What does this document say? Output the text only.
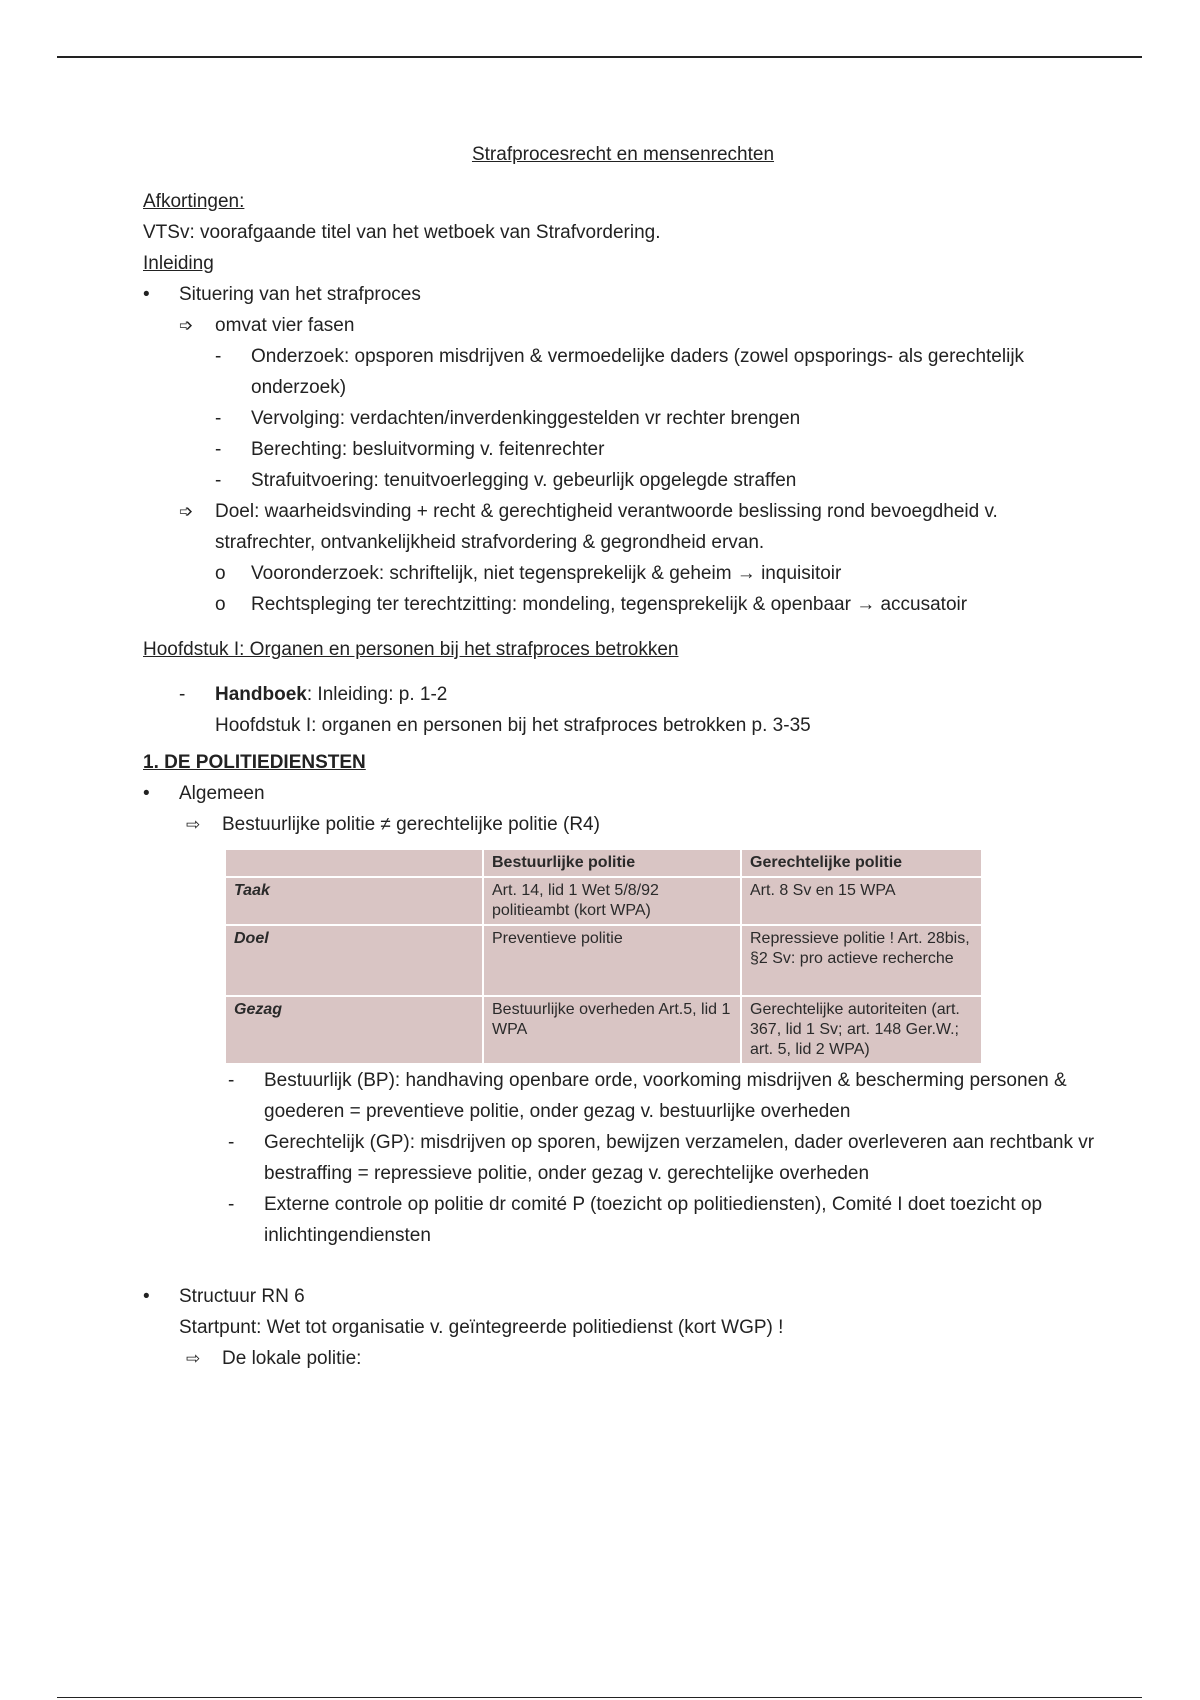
Strafprocesrecht en mensenrechten
Afkortingen:
VTSv: voorafgaande titel van het wetboek van Strafvordering.
Inleiding
• Situering van het strafproces
➩ omvat vier fasen
- Onderzoek: opsporen misdrijven & vermoedelijke daders (zowel opsporings- als gerechtelijk onderzoek)
- Vervolging: verdachten/inverdenkinggestelden vr rechter brengen
- Berechting: besluitvorming v. feitenrechter
- Strafuitvoering: tenuitvoerlegging v. gebeurlijk opgelegde straffen
➩ Doel: waarheidsvinding + recht & gerechtigheid verantwoorde beslissing rond bevoegdheid v. strafrechter, ontvankelijkheid strafvordering & gegrondheid ervan.
o Vooronderzoek: schriftelijk, niet tegensprekelijk & geheim → inquisitoir
o Rechtspleging ter terechtzitting: mondeling, tegensprekelijk & openbaar → accusatoir
Hoofdstuk I: Organen en personen bij het strafproces betrokken
- Handboek: Inleiding: p. 1-2
Hoofdstuk I: organen en personen bij het strafproces betrokken p. 3-35
1. DE POLITIEDIENSTEN
• Algemeen
⇨ Bestuurlijke politie ≠ gerechtelijke politie (R4)
	Bestuurlijke politie	Gerechtelijke politie
Taak	Art. 14, lid 1 Wet 5/8/92 politieambt (kort WPA)	Art. 8 Sv en 15 WPA
Doel	Preventieve politie	Repressieve politie ! Art. 28bis, §2 Sv: pro actieve recherche
Gezag	Bestuurlijke overheden Art.5, lid 1 WPA	Gerechtelijke autoriteiten (art. 367, lid 1 Sv; art. 148 Ger.W.; art. 5, lid 2 WPA)
- Bestuurlijk (BP): handhaving openbare orde, voorkoming misdrijven & bescherming personen & goederen = preventieve politie, onder gezag v. bestuurlijke overheden
- Gerechtelijk (GP): misdrijven op sporen, bewijzen verzamelen, dader overleveren aan rechtbank vr bestraffing = repressieve politie, onder gezag v. gerechtelijke overheden
- Externe controle op politie dr comité P (toezicht op politiediensten), Comité I doet toezicht op inlichtingendiensten
• Structuur RN 6
Startpunt: Wet tot organisatie v. geïntegreerde politiedienst (kort WGP) !
⇨ De lokale politie:
